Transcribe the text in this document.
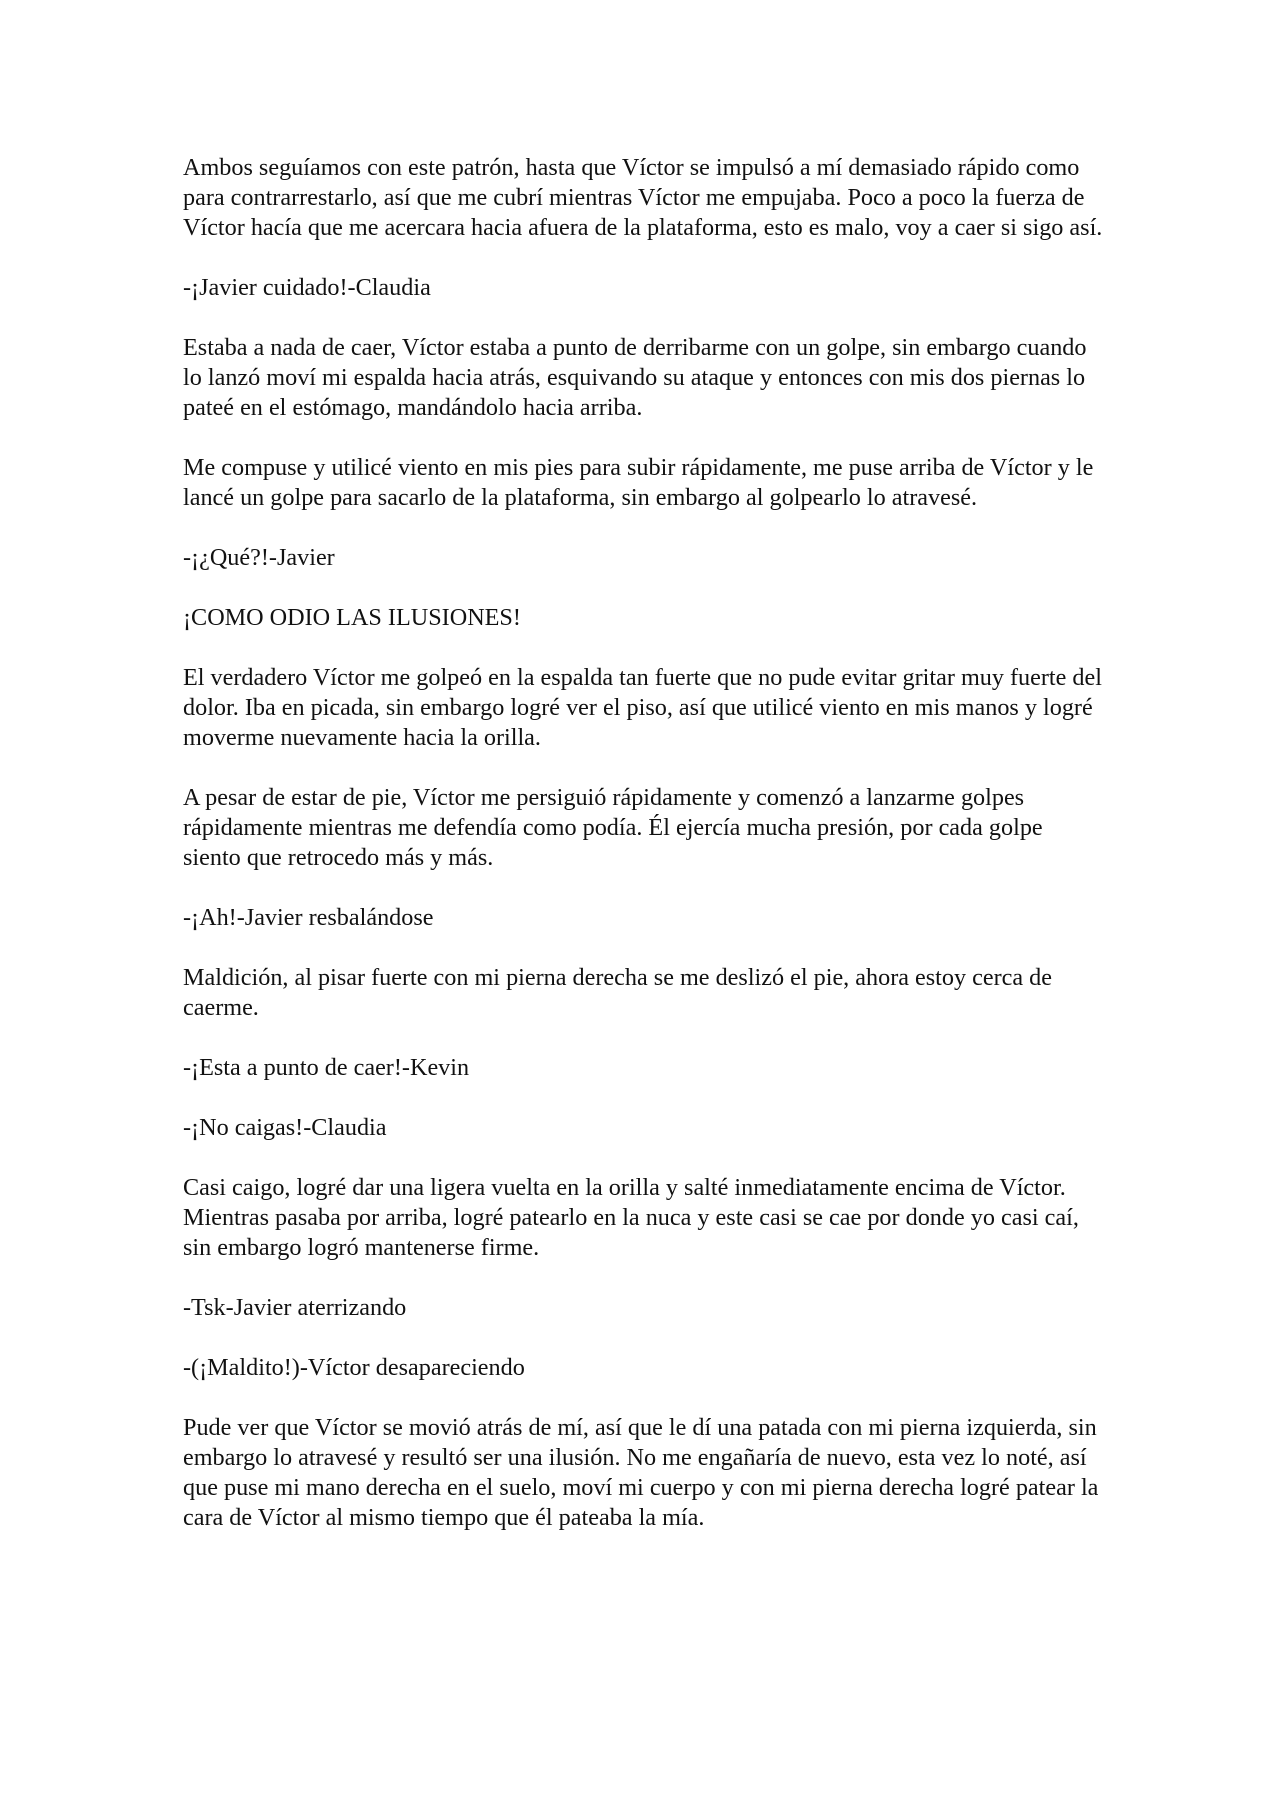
Ambos seguíamos con este patrón, hasta que Víctor se impulsó a mí demasiado rápido como para contrarrestarlo, así que me cubrí mientras Víctor me empujaba. Poco a poco la fuerza de Víctor hacía que me acercara hacia afuera de la plataforma, esto es malo, voy a caer si sigo así.

-¡Javier cuidado!-Claudia

Estaba a nada de caer, Víctor estaba a punto de derribarme con un golpe, sin embargo cuando lo lanzó moví mi espalda hacia atrás, esquivando su ataque y entonces con mis dos piernas lo pateé en el estómago, mandándolo hacia arriba.

Me compuse y utilicé viento en mis pies para subir rápidamente, me puse arriba de Víctor y le lancé un golpe para sacarlo de la plataforma, sin embargo al golpearlo lo atravesé.

-¡¿Qué?!-Javier

¡COMO ODIO LAS ILUSIONES!

El verdadero Víctor me golpeó en la espalda tan fuerte que no pude evitar gritar muy fuerte del dolor. Iba en picada, sin embargo logré ver el piso, así que utilicé viento en mis manos y logré moverme nuevamente hacia la orilla.

A pesar de estar de pie, Víctor me persiguió rápidamente y comenzó a lanzarme golpes rápidamente mientras me defendía como podía. Él ejercía mucha presión, por cada golpe siento que retrocedo más y más.

-¡Ah!-Javier resbalándose

Maldición, al pisar fuerte con mi pierna derecha se me deslizó el pie, ahora estoy cerca de caerme.

-¡Esta a punto de caer!-Kevin

-¡No caigas!-Claudia

Casi caigo, logré dar una ligera vuelta en la orilla y salté inmediatamente encima de Víctor. Mientras pasaba por arriba, logré patearlo en la nuca y este casi se cae por donde yo casi caí, sin embargo logró mantenerse firme.

-Tsk-Javier aterrizando

-(¡Maldito!)-Víctor desapareciendo

Pude ver que Víctor se movió atrás de mí, así que le dí una patada con mi pierna izquierda, sin embargo lo atravesé y resultó ser una ilusión. No me engañaría de nuevo, esta vez lo noté, así que puse mi mano derecha en el suelo, moví mi cuerpo y con mi pierna derecha logré patear la cara de Víctor al mismo tiempo que él pateaba la mía.
